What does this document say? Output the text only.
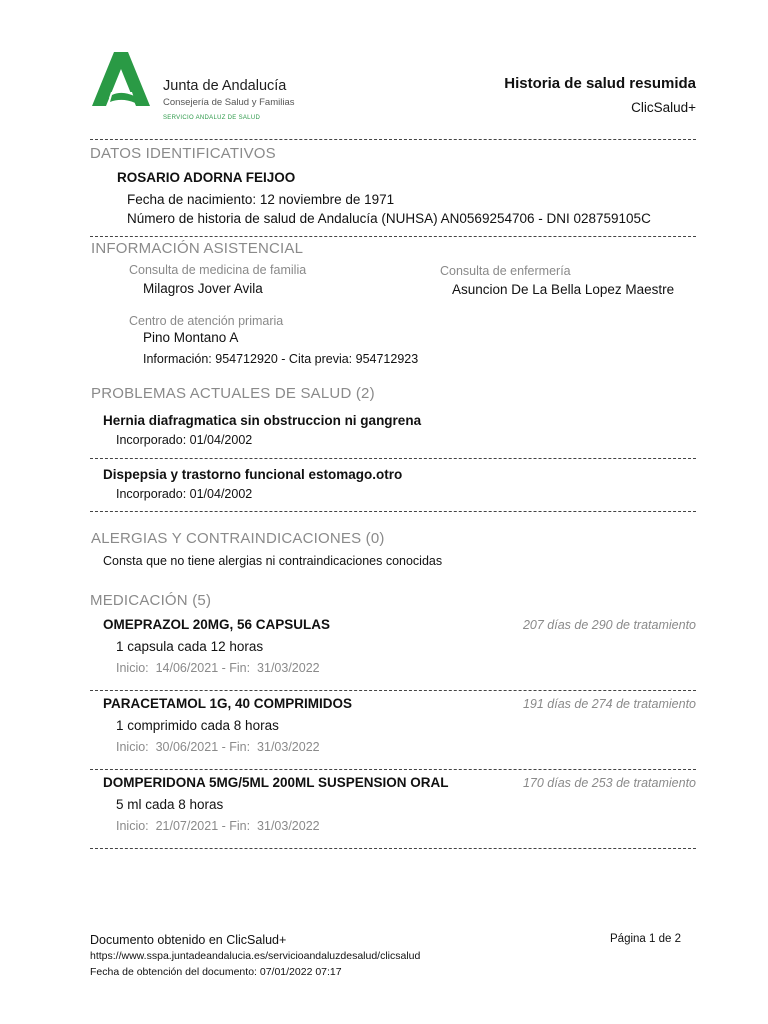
Junta de Andalucía
Consejería de Salud y Familias
SERVICIO ANDALUZ DE SALUD
Historia de salud resumida
ClicSalud+
DATOS IDENTIFICATIVOS
ROSARIO ADORNA FEIJOO
Fecha de nacimiento: 12 noviembre de 1971
Número de historia de salud de Andalucía (NUHSA) AN0569254706 - DNI 028759105C
INFORMACIÓN ASISTENCIAL
Consulta de medicina de familia
Milagros Jover Avila
Consulta de enfermería
Asuncion De La Bella Lopez Maestre
Centro de atención primaria
Pino Montano A
Información: 954712920 - Cita previa: 954712923
PROBLEMAS ACTUALES DE SALUD (2)
Hernia diafragmatica sin obstruccion ni gangrena
Incorporado: 01/04/2002
Dispepsia y trastorno funcional estomago.otro
Incorporado: 01/04/2002
ALERGIAS Y CONTRAINDICACIONES (0)
Consta que no tiene alergias ni contraindicaciones conocidas
MEDICACIÓN (5)
OMEPRAZOL 20MG, 56 CAPSULAS	207 días de 290 de tratamiento
1 capsula cada 12 horas
Inicio:  14/06/2021 - Fin:  31/03/2022
PARACETAMOL 1G, 40 COMPRIMIDOS	191 días de 274 de tratamiento
1 comprimido cada 8 horas
Inicio:  30/06/2021 - Fin:  31/03/2022
DOMPERIDONA 5MG/5ML 200ML SUSPENSION ORAL	170 días de 253 de tratamiento
5 ml cada 8 horas
Inicio:  21/07/2021 - Fin:  31/03/2022
Documento obtenido en ClicSalud+
https://www.sspa.juntadeandalucia.es/servicioandaluzdesalud/clicsalud
Fecha de obtención del documento: 07/01/2022 07:17
Página 1 de 2
